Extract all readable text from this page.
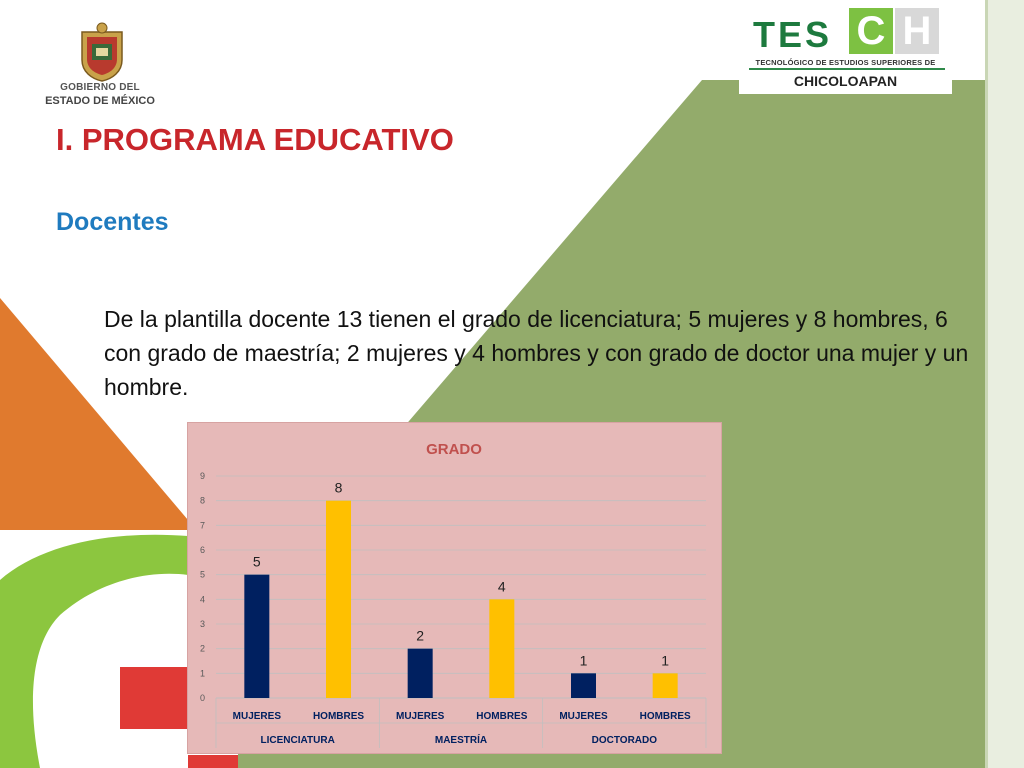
GOBIERNO DEL
ESTADO DE MÉXICO
TES C H
TECNOLÓGICO DE ESTUDIOS SUPERIORES DE
CHICOLOAPAN
I. PROGRAMA EDUCATIVO
Docentes
De la plantilla docente 13 tienen el grado de licenciatura; 5 mujeres y 8 hombres, 6 con grado de maestría; 2 mujeres y 4 hombres y con grado de doctor una mujer y un hombre.
GRADO
0
1
2
3
4
5
6
7
8
9
5
MUJERES
8
HOMBRES
2
MUJERES
4
HOMBRES
1
MUJERES
1
HOMBRES
LICENCIATURA	MAESTRÍA	DOCTORADO
